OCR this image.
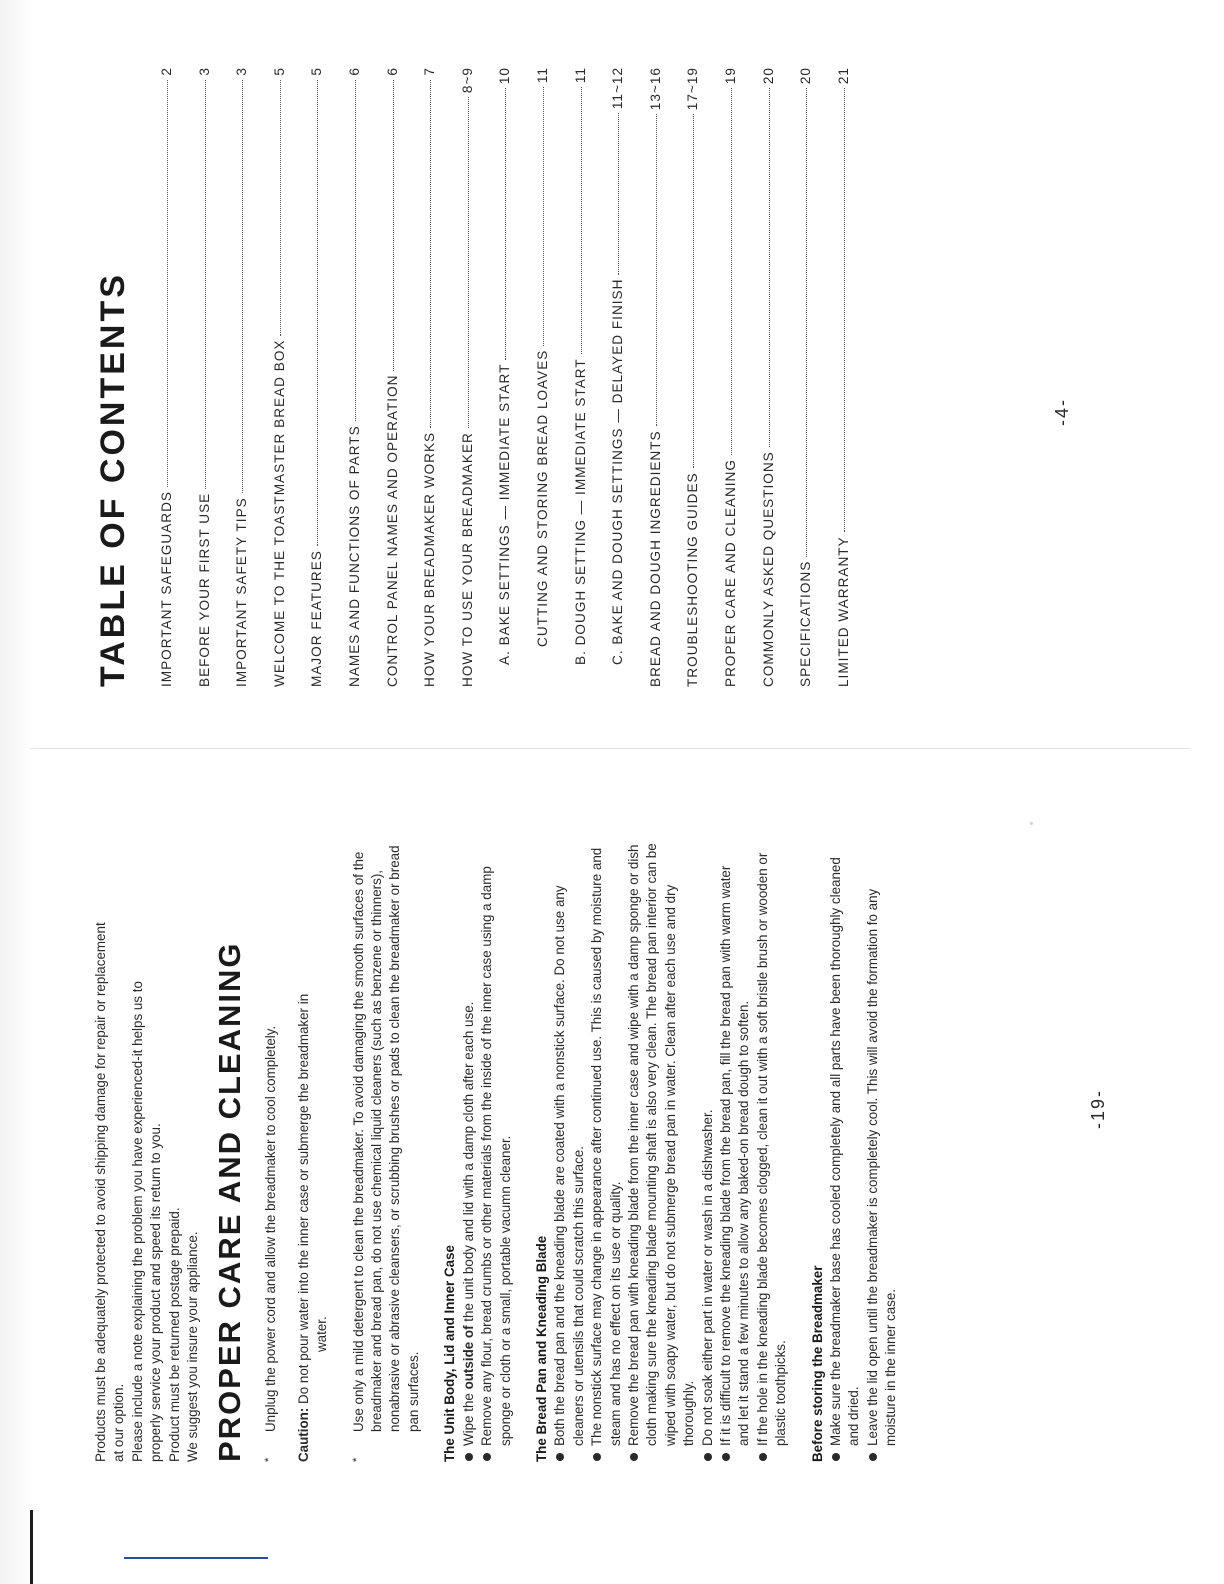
Products must be adequately protected to avoid shipping damage for repair or replacement at our option. Please include a note explaining the problem you have experienced-it helps us to properly service your product and speed its return to you. Product must be returned postage prepaid. We suggest you insure your appliance. PROPER CARE AND CLEANING *
Unplug the power cord and allow the breadmaker to cool completely.

Caution: Do not pour water into the inner case or submerge the breadmaker in water.

*
Use only a mild detergent to clean the breadmaker. To avoid damaging the smooth surfaces of the breadmaker and bread pan, do not use chemical liquid cleaners (such as benzene or thinners), nonabrasive or abrasive cleansers, or scrubbing brushes or pads to clean the breadmaker or bread pan surfaces. The Unit Body, Lid and Inner Case Wipe the outside of the unit body and lid with a damp cloth after each use. Remove any flour, bread crumbs or other materials from the inside of the inner case using a damp sponge or cloth or a small, portable vacumn cleaner. The Bread Pan and Kneading Blade Both the bread pan and the kneading blade are coated with a nonstick surface. Do not use any cleaners or utensils that could scratch this surface. The nonstick surface may change in appearance after continued use. This is caused by moisture and steam and has no effect on its use or quality. Remove the bread pan with kneading blade from the inner case and wipe with a damp sponge or dish cloth making sure the kneading blade mounting shaft is also very clean. The bread pan interior can be wiped with soapy water, but do not submerge bread pan in water. Clean after each use and dry thoroughly. Do not soak either part in water or wash in a dishwasher. If it is difficult to remove the kneading blade from the bread pan, fill the bread pan with warm water and let it stand a few minutes to allow any baked-on bread dough to soften. If the hole in the kneading blade becomes clogged, clean it out with a soft bristle brush or wooden or plastic toothpicks. Before storing the Breadmaker Make sure the breadmaker base has cooled completely and all parts have been thoroughly cleaned and dried. Leave the lid open until the breadmaker is completely cool. This will avoid the formation fo any moisture in the inner case.

-19-
TABLE OF CONTENTS IMPORTANT SAFEGUARDS
2
BEFORE YOUR FIRST USE
3
IMPORTANT SAFETY TIPS
3
WELCOME TO THE TOASTMASTER BREAD BOX
5
MAJOR FEATURES
5
NAMES AND FUNCTIONS OF PARTS
6
CONTROL PANEL NAMES AND OPERATION
6
HOW YOUR BREADMAKER WORKS
7
HOW TO USE YOUR BREADMAKER
8~9
A. BAKE SETTINGS — IMMEDIATE START
10
CUTTING AND STORING BREAD LOAVES
11
B. DOUGH SETTING — IMMEDIATE START
11
C. BAKE AND DOUGH SETTINGS — DELAYED FINISH
11~12
BREAD AND DOUGH INGREDIENTS
13~16
TROUBLESHOOTING GUIDES
17~19
PROPER CARE AND CLEANING
19
COMMONLY ASKED QUESTIONS
20
SPECIFICATIONS
20
LIMITED WARRANTY
21
-4-
